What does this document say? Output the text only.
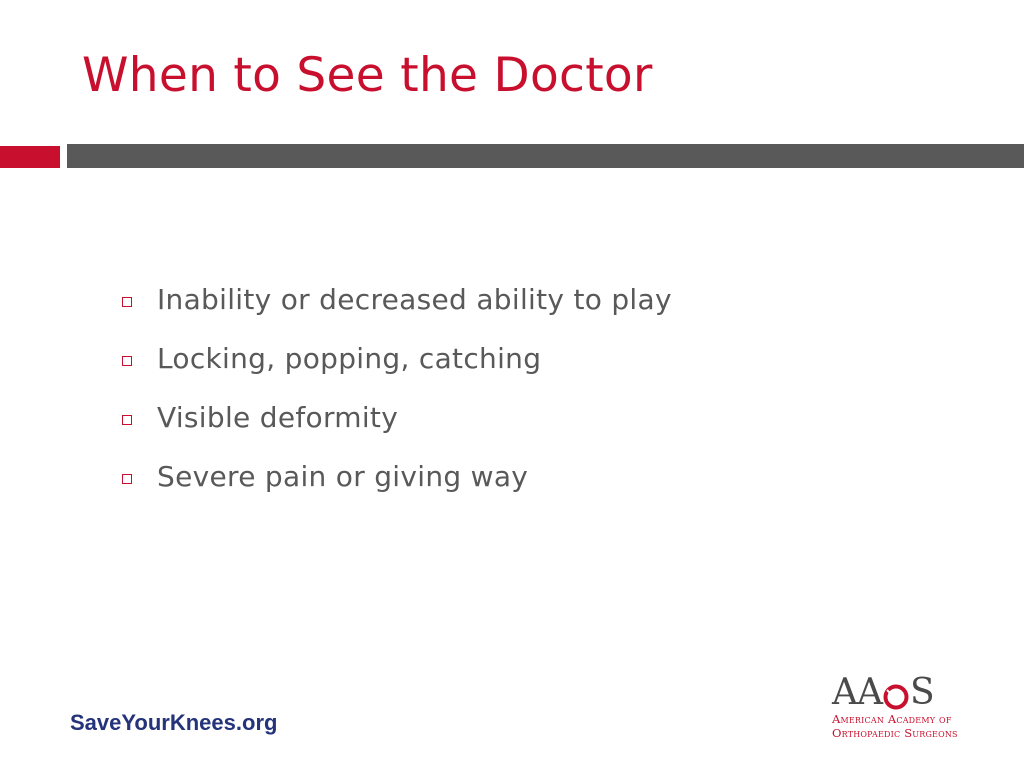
When to See the Doctor
Inability or decreased ability to play
Locking, popping, catching
Visible deformity
Severe pain or giving way
SaveYourKnees.org
AA S
American Academy of
Orthopaedic Surgeons
